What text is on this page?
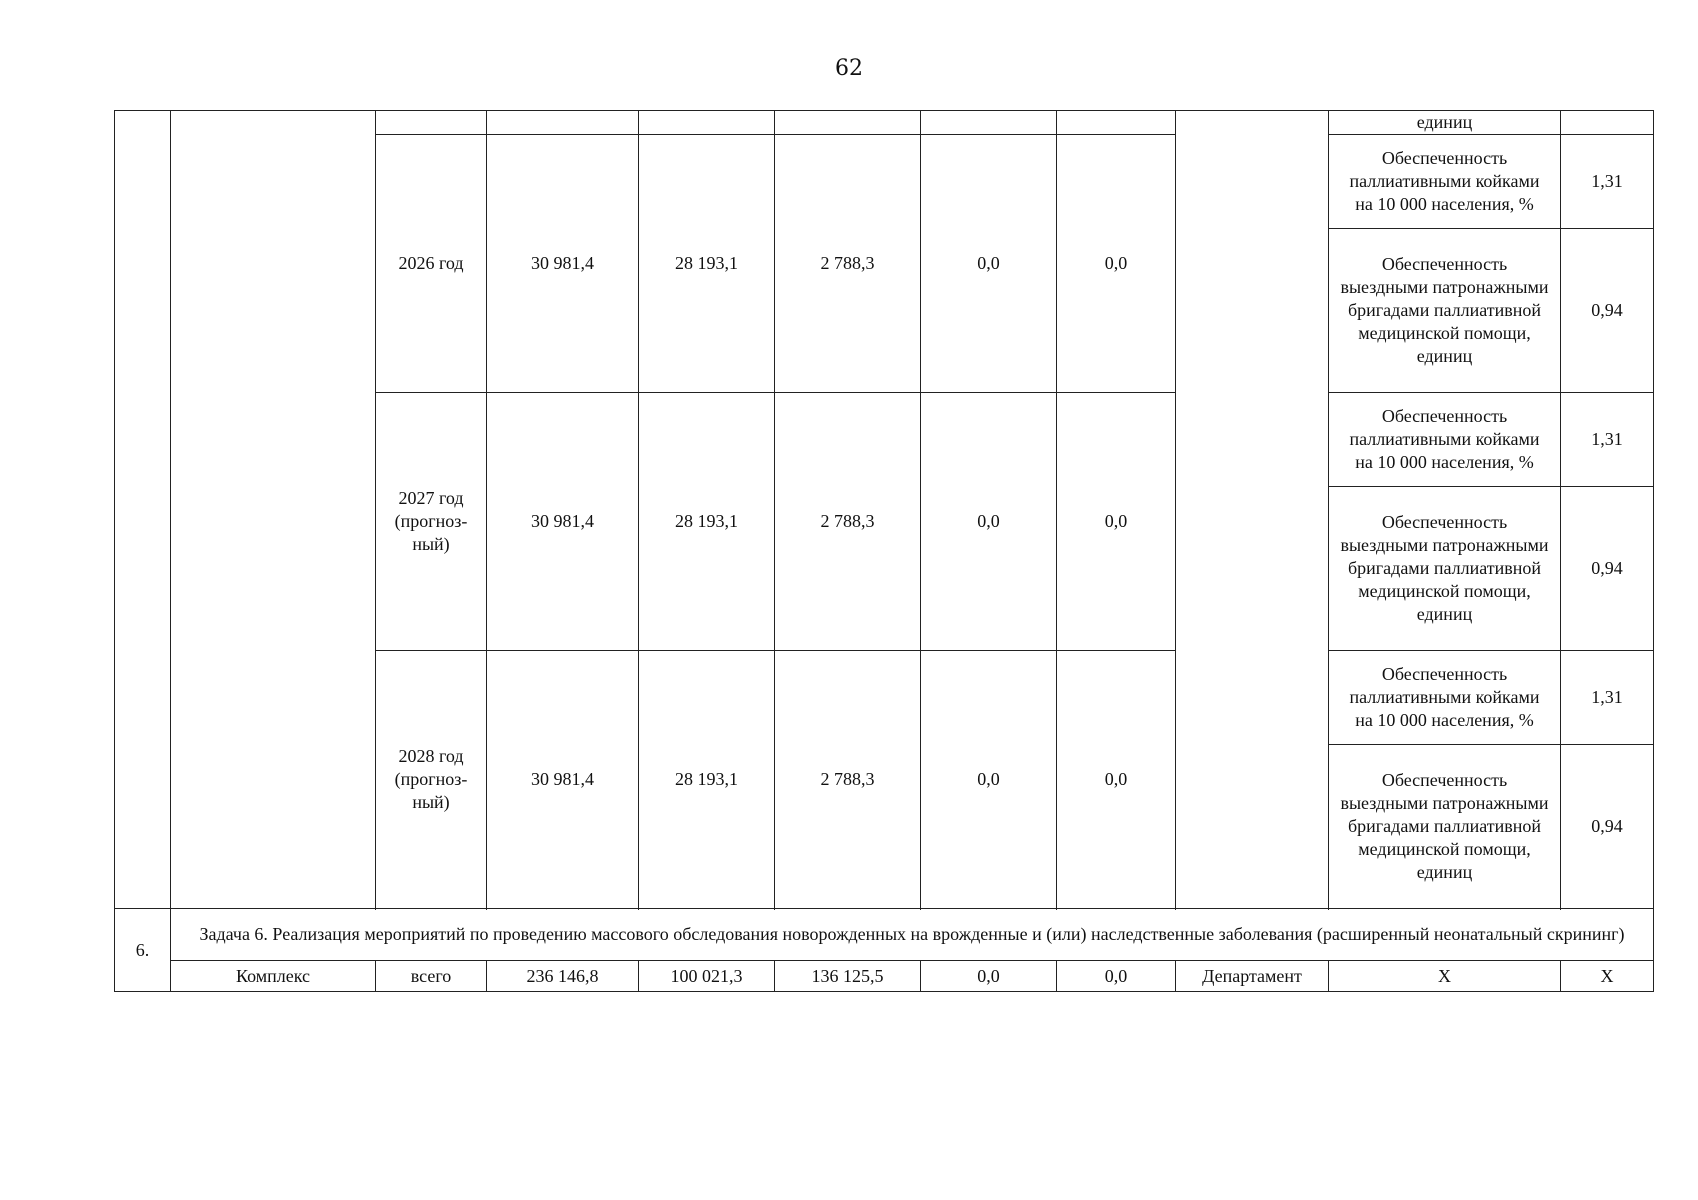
62
									единиц	
		2026 год	30 981,4	28 193,1	2 788,3	0,0	0,0		Обеспеченность паллиативными койками на 10 000 населения, %	1,31

									Обеспеченность выездными патронажными бригадами паллиативной медицинской помощи, единиц	0,94

		2027 год (прогноз-ный)	30 981,4	28 193,1	2 788,3	0,0	0,0		Обеспеченность паллиативными койками на 10 000 населения, %	1,31

									Обеспеченность выездными патронажными бригадами паллиативной медицинской помощи, единиц	0,94

		2028 год (прогноз-ный)	30 981,4	28 193,1	2 788,3	0,0	0,0		Обеспеченность паллиативными койками на 10 000 населения, %	1,31

									Обеспеченность выездными патронажными бригадами паллиативной медицинской помощи, единиц	0,94

6.	Задача 6. Реализация мероприятий по проведению массового обследования новорожденных на врожденные и (или) наследственные заболевания (расширенный неонатальный скрининг)									
	Комплекс	всего	236 146,8	100 021,3	136 125,5	0,0	0,0	Департамент	X	X
